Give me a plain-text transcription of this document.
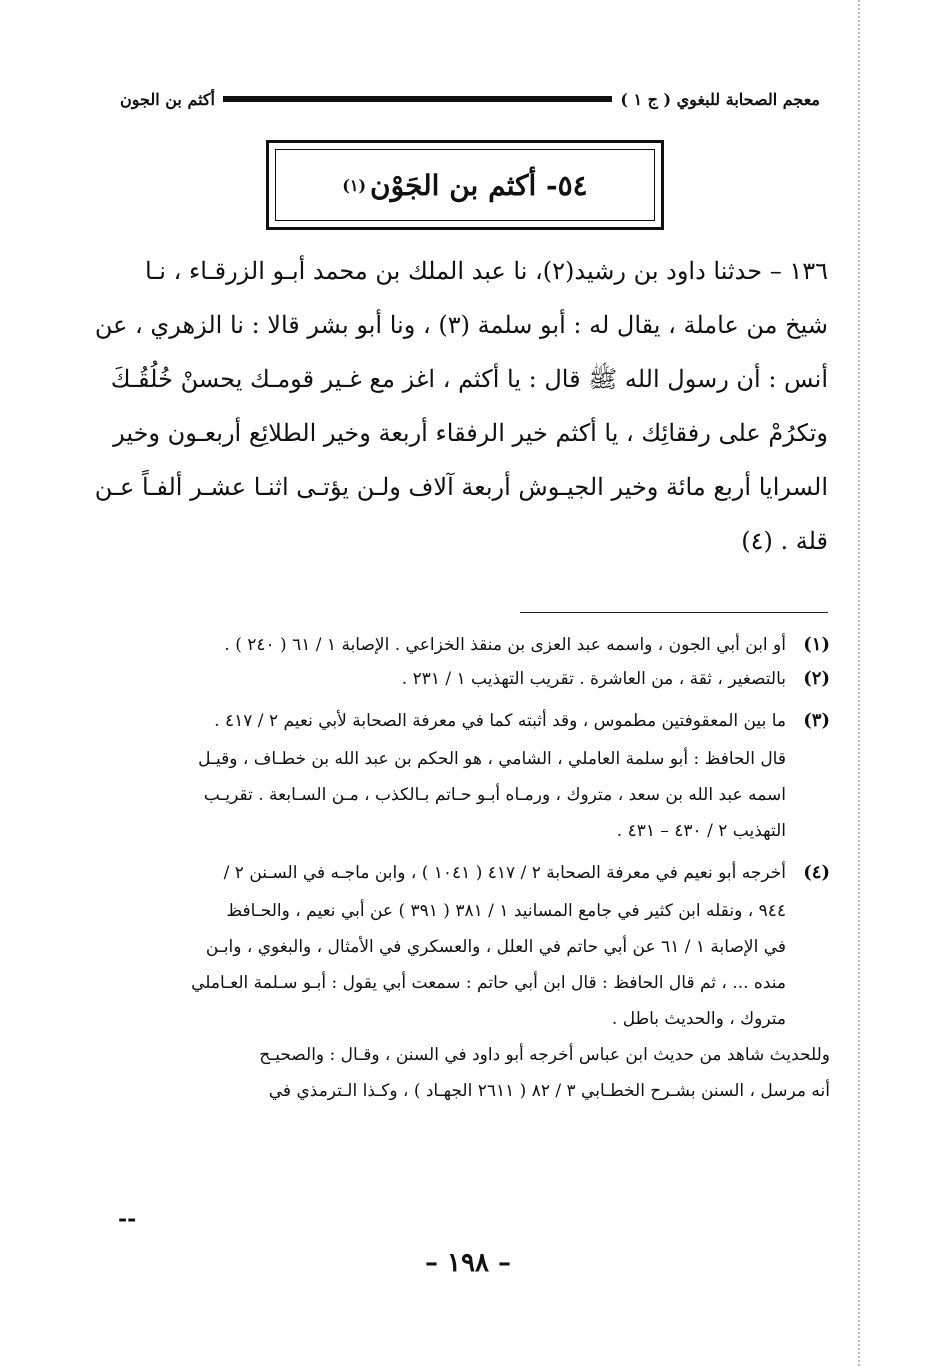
معجم الصحابة للبغوي ( ج ١ )
أكثم بن الجون
٥٤- أكثم بن الجَوْن
(١)
١٣٦ – حدثنا داود بن رشيد(٢)، نا عبد الملك بن محمد أبـو الزرقـاء ، نـا
شيخ من عاملة ، يقال له : أبو سلمة (٣) ، ونا أبو بشر قالا : نا الزهري ، عن
أنس : أن رسول الله ﷺ قال : يا أكثم ، اغز مع غـير قومـك يحسنْ خُلُقُـكَ
وتكرُمْ على رفقائِك ، يا أكثم خير الرفقاء أربعة وخير الطلائِع أربعـون وخير
السرايا أربع مائة وخير الجيـوش أربعة آلاف ولـن يؤتـى اثنـا عشـر ألفـاً عـن
قلة . (٤)
(١)
أو ابن أبي الجون ، واسمه عبد العزى بن منقذ الخزاعي . الإصابة ١ / ٦١ ( ٢٤٠ ) .
(٢)
بالتصغير ، ثقة ، من العاشرة . تقريب التهذيب ١ / ٢٣١ .
(٣)
ما بين المعقوفتين مطموس ، وقد أثبته كما في معرفة الصحابة لأبي نعيم ٢ / ٤١٧ .
قال الحافظ : أبو سلمة العاملي ، الشامي ، هو الحكم بن عبد الله بن خطـاف ، وقيـل
اسمه عبد الله بن سعد ، متروك ، ورمـاه أبـو حـاتم بـالكذب ، مـن السـابعة . تقريـب
التهذيب ٢ / ٤٣٠ – ٤٣١ .
(٤)
أخرجه أبو نعيم في معرفة الصحابة ٢ / ٤١٧ ( ١٠٤١ ) ، وابن ماجـه في السـنن ٢ /
٩٤٤ ، ونقله ابن كثير في جامع المسانيد ١ / ٣٨١ ( ٣٩١ ) عن أبي نعيم ، والحـافظ
في الإصابة ١ / ٦١ عن أبي حاتم في العلل ، والعسكري في الأمثال ، والبغوي ، وابـن
منده ... ، ثم قال الحافظ : قال ابن أبي حاتم : سمعت أبي يقول : أبـو سـلمة العـاملي
متروك ، والحديث باطل .
وللحديث شاهد من حديث ابن عباس أخرجه أبو داود في السنن ، وقـال : والصحيـح
أنه مرسل ، السنن بشـرح الخطـابي ٣ / ٨٢ ( ٢٦١١ الجهـاد ) ، وكـذا الـترمذي في
--
– ١٩٨ –
